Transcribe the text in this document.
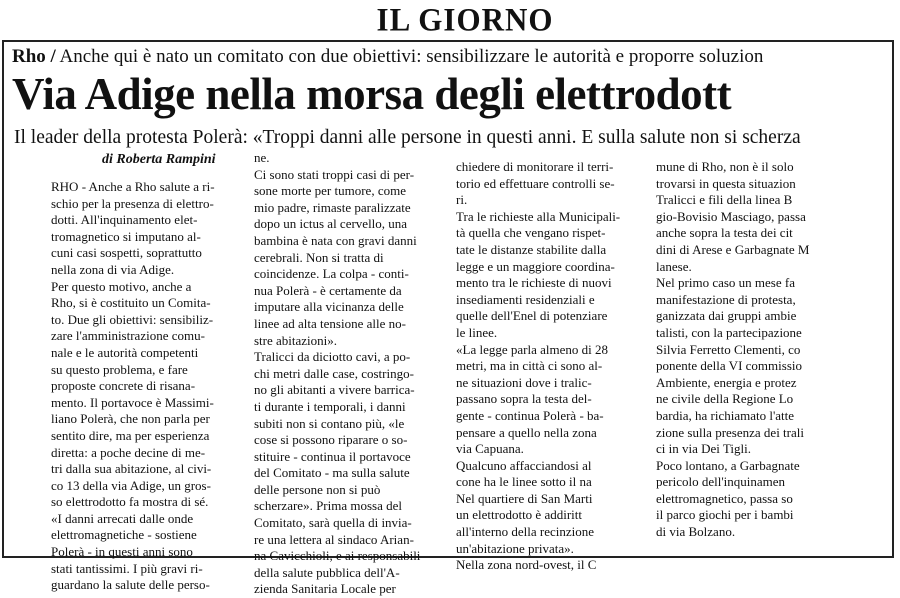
IL GIORNO
Rho / Anche qui è nato un comitato con due obiettivi: sensibilizzare le autorità e proporre soluzion
Via Adige nella morsa degli elettrodott
Il leader della protesta Polerà: «Troppi danni alle persone in questi anni. E sulla salute non si scherza
di Roberta Rampini
RHO - Anche a Rho salute a ri-
schio per la presenza di elettro-
dotti. All'inquinamento elet-
tromagnetico si imputano al-
cuni casi sospetti, soprattutto
nella zona di via Adige.
Per questo motivo, anche a
Rho, si è costituito un Comita-
to. Due gli obiettivi: sensibiliz-
zare l'amministrazione comu-
nale e le autorità competenti
su questo problema, e fare
proposte concrete di risana-
mento. Il portavoce è Massimi-
liano Polerà, che non parla per
sentito dire, ma per esperienza
diretta: a poche decine di me-
tri dalla sua abitazione, al civi-
co 13 della via Adige, un gros-
so elettrodotto fa mostra di sé.
«I danni arrecati dalle onde
elettromagnetiche - sostiene
Polerà - in questi anni sono
stati tantissimi. I più gravi ri-
guardano la salute delle perso-
ne.
Ci sono stati troppi casi di per-
sone morte per tumore, come
mio padre, rimaste paralizzate
dopo un ictus al cervello, una
bambina è nata con gravi danni
cerebrali. Non si tratta di
coincidenze. La colpa - conti-
nua Polerà - è certamente da
imputare alla vicinanza delle
linee ad alta tensione alle no-
stre abitazioni».
Tralicci da diciotto cavi, a po-
chi metri dalle case, costringo-
no gli abitanti a vivere barrica-
ti durante i temporali, i danni
subiti non si contano più, «le
cose si possono riparare o so-
stituire - continua il portavoce
del Comitato - ma sulla salute
delle persone non si può
scherzare». Prima mossa del
Comitato, sarà quella di invia-
re una lettera al sindaco Arian-
na Cavicchioli, e ai responsabili
della salute pubblica dell'A-
zienda Sanitaria Locale per
chiedere di monitorare il terri-
torio ed effettuare controlli se-
ri.
Tra le richieste alla Municipali-
tà quella che vengano rispet-
tate le distanze stabilite dalla
legge e un maggiore coordina-
mento tra le richieste di nuovi
insediamenti residenziali e
quelle dell'Enel di potenziare
le linee.
«La legge parla almeno di 28
metri, ma in città ci sono al-
ne situazioni dove i tralic-
passano sopra la testa del-
gente - continua Polerà - ba-
pensare a quello nella zona
via Capuana.
Qualcuno affacciandosi al
cone ha le linee sotto il na
Nel quartiere di San Marti
un elettrodotto è addiritt
all'interno della recinzione
un'abitazione privata».
Nella zona nord-ovest, il C
mune di Rho, non è il solo
trovarsi in questa situazion
Tralicci e fili della linea B
gio-Bovisio Masciago, passa
anche sopra la testa dei cit
dini di Arese e Garbagnate M
lanese.
Nel primo caso un mese fa
manifestazione di protesta,
ganizzata dai gruppi ambie
talisti, con la partecipazione
Silvia Ferretto Clementi, co
ponente della VI commissio
Ambiente, energia e protez
ne civile della Regione Lo
bardia, ha richiamato l'atte
zione sulla presenza dei trali
ci in via Dei Tigli.
Poco lontano, a Garbagnate
pericolo dell'inquinamen
elettromagnetico, passa so
il parco giochi per i bambi
di via Bolzano.
